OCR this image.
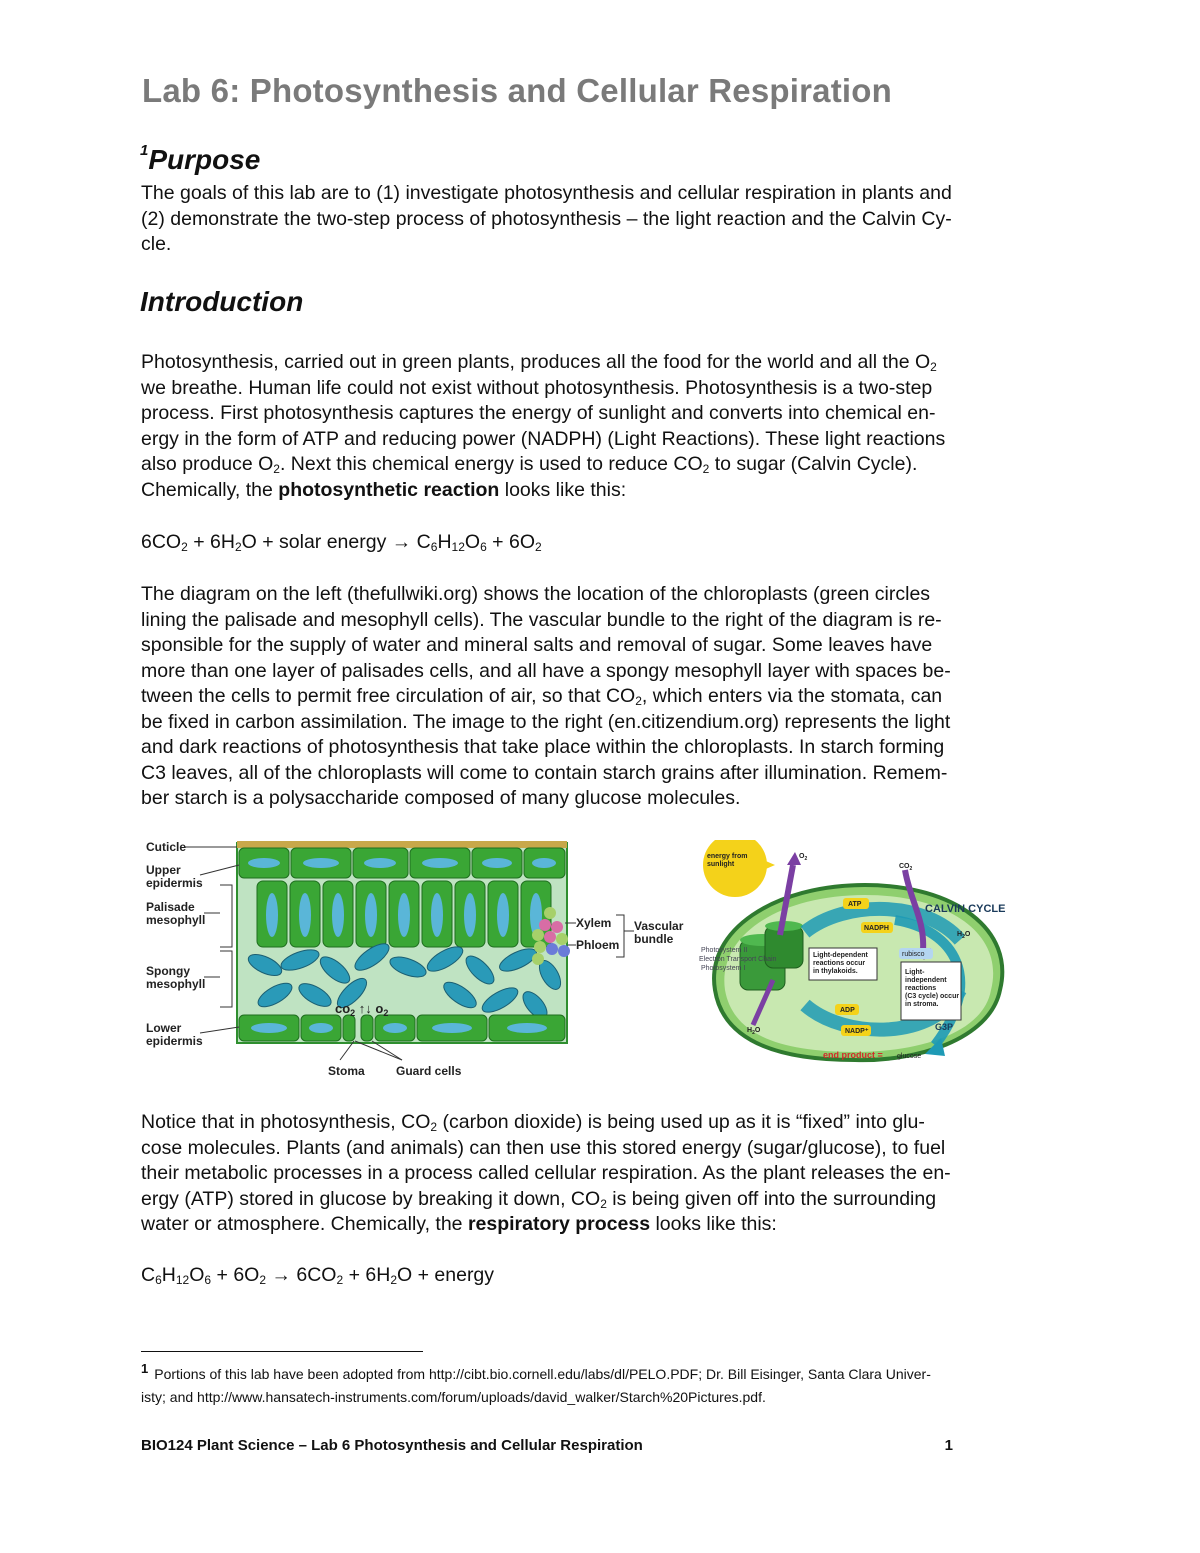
Lab 6: Photosynthesis and Cellular Respiration
$^1$Purpose

The goals of this lab are to (1) investigate photosynthesis and cellular respiration in plants and
(2) demonstrate the two-step process of photosynthesis – the light reaction and the Calvin Cy-
cle.

Introduction

Photosynthesis, carried out in green plants, produces all the food for the world and all the $O_2$
we breathe. Human life could not exist without photosynthesis. Photosynthesis is a two-step
process. First photosynthesis captures the energy of sunlight and converts into chemical en-
ergy in the form of ATP and reducing power (NADPH) (Light Reactions). These light reactions
also produce $O_2$. Next this chemical energy is used to reduce $CO_2$ to sugar (Calvin Cycle).
Chemically, the photosynthetic reaction looks like this:

$6CO_2 + 6H_2O$ + solar energy → $C_6H_{12}O_6 + 6O_2$

The diagram on the left (thefullwiki.org) shows the location of the chloroplasts (green circles
lining the palisade and mesophyll cells). The vascular bundle to the right of the diagram is re-
sponsible for the supply of water and mineral salts and removal of sugar. Some leaves have
more than one layer of palisades cells, and all have a spongy mesophyll layer with spaces be-
tween the cells to permit free circulation of air, so that $CO_2$, which enters via the stomata, can
be fixed in carbon assimilation. The image to the right (en.citizendium.org) represents the light
and dark reactions of photosynthesis that take place within the chloroplasts. In starch forming
C3 leaves, all of the chloroplasts will come to contain starch grains after illumination. Remem-
ber starch is a polysaccharide composed of many glucose molecules.

$co_2$ ↑↓ $o_2$
Cuticle
Upper epidermis
Palisade mesophyll
Spongy mesophyll
Lower epidermis
Xylem
Phloem
Vascular bundle
Stoma	Guard cells
energy from sunlight
$O_2$
$CO_2$
CALVIN CYCLE
ATP
NADPH
rubisco
$H_2O$
Photosystem II Electron Transport Chain Photosystem I
Light-dependent reactions occur in thylakoids.	Light-independent reactions (C3 cycle) occur in stroma.
ADP
NADP⁺	G3P
$H_2O$
end product = glucose

Notice that in photosynthesis, $CO_2$ (carbon dioxide) is being used up as it is “fixed” into glu-
cose molecules. Plants (and animals) can then use this stored energy (sugar/glucose), to fuel
their metabolic processes in a process called cellular respiration. As the plant releases the en-
ergy (ATP) stored in glucose by breaking it down, $CO_2$ is being given off into the surrounding
water or atmosphere. Chemically, the respiratory process looks like this:

$C_6H_{12}O_6 + 6O_2 \to 6CO_2 + 6H_2O$ + energy

1 Portions of this lab have been adopted from http://cibt.bio.cornell.edu/labs/dl/PELO.PDF; Dr. Bill Eisinger, Santa Clara Univer-
isty; and http://www.hansatech-instruments.com/forum/uploads/david_walker/Starch%20Pictures.pdf.

BIO124 Plant Science – Lab 6 Photosynthesis and Cellular Respiration	1
